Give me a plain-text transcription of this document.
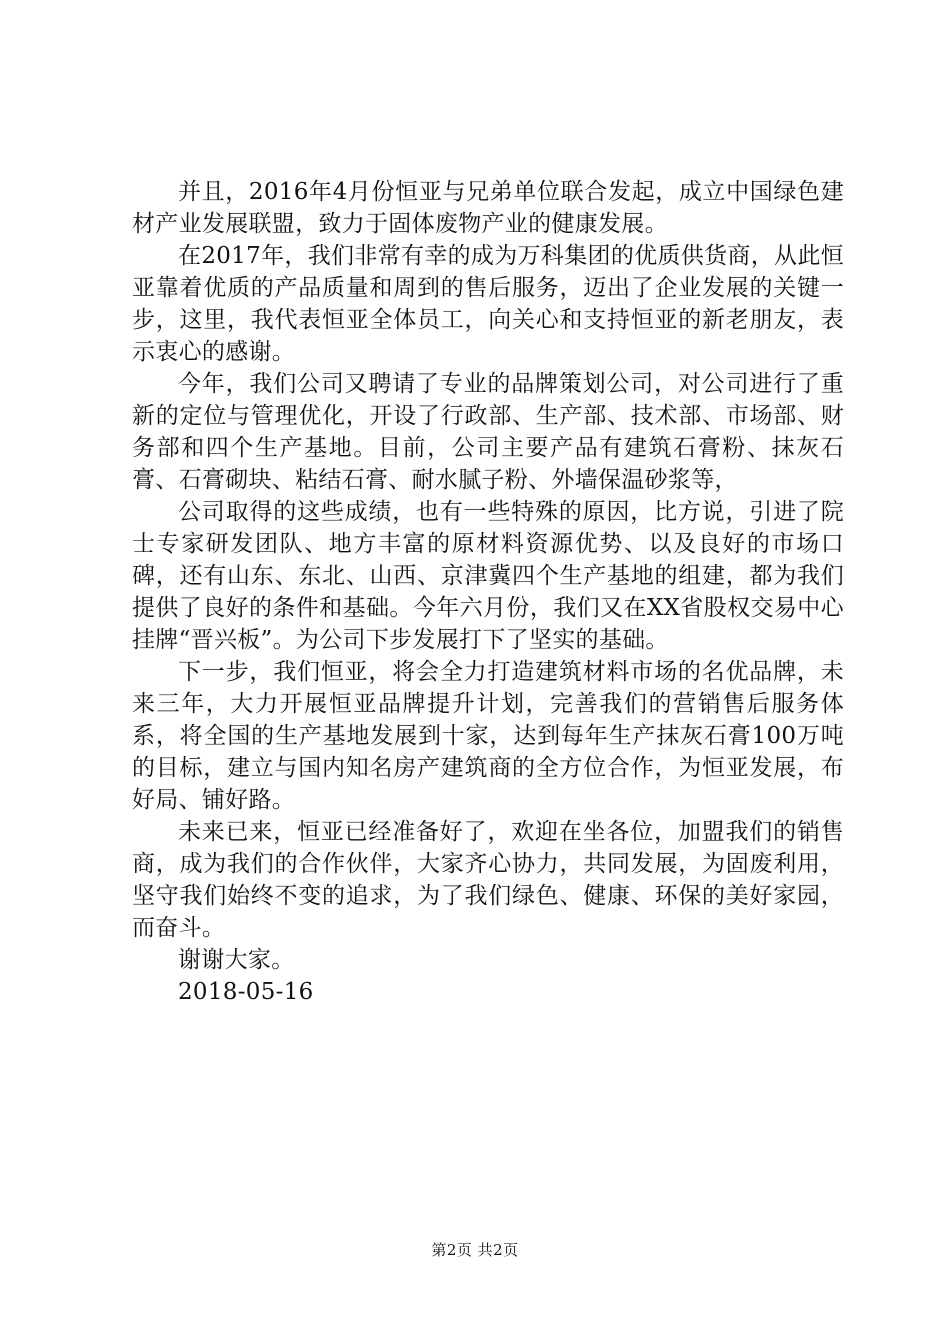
并且，2016年4月份恒亚与兄弟单位联合发起，成立中国绿色建材产业发展联盟，致力于固体废物产业的健康发展。

在2017年，我们非常有幸的成为万科集团的优质供货商，从此恒亚靠着优质的产品质量和周到的售后服务，迈出了企业发展的关键一步，这里，我代表恒亚全体员工，向关心和支持恒亚的新老朋友，表示衷心的感谢。

今年，我们公司又聘请了专业的品牌策划公司，对公司进行了重新的定位与管理优化，开设了行政部、生产部、技术部、市场部、财务部和四个生产基地。目前，公司主要产品有建筑石膏粉、抹灰石膏、石膏砌块、粘结石膏、耐水腻子粉、外墙保温砂浆等，

公司取得的这些成绩，也有一些特殊的原因，比方说，引进了院士专家研发团队、地方丰富的原材料资源优势、以及良好的市场口碑，还有山东、东北、山西、京津冀四个生产基地的组建，都为我们提供了良好的条件和基础。今年六月份，我们又在XX省股权交易中心挂牌“晋兴板”。为公司下步发展打下了坚实的基础。

下一步，我们恒亚，将会全力打造建筑材料市场的名优品牌，未来三年，大力开展恒亚品牌提升计划，完善我们的营销售后服务体系，将全国的生产基地发展到十家，达到每年生产抹灰石膏100万吨的目标，建立与国内知名房产建筑商的全方位合作，为恒亚发展，布好局、铺好路。

未来已来，恒亚已经准备好了，欢迎在坐各位，加盟我们的销售商，成为我们的合作伙伴，大家齐心协力，共同发展，为固废利用，坚守我们始终不变的追求，为了我们绿色、健康、环保的美好家园，而奋斗。

谢谢大家。

2018-05-16

第2页 共2页
